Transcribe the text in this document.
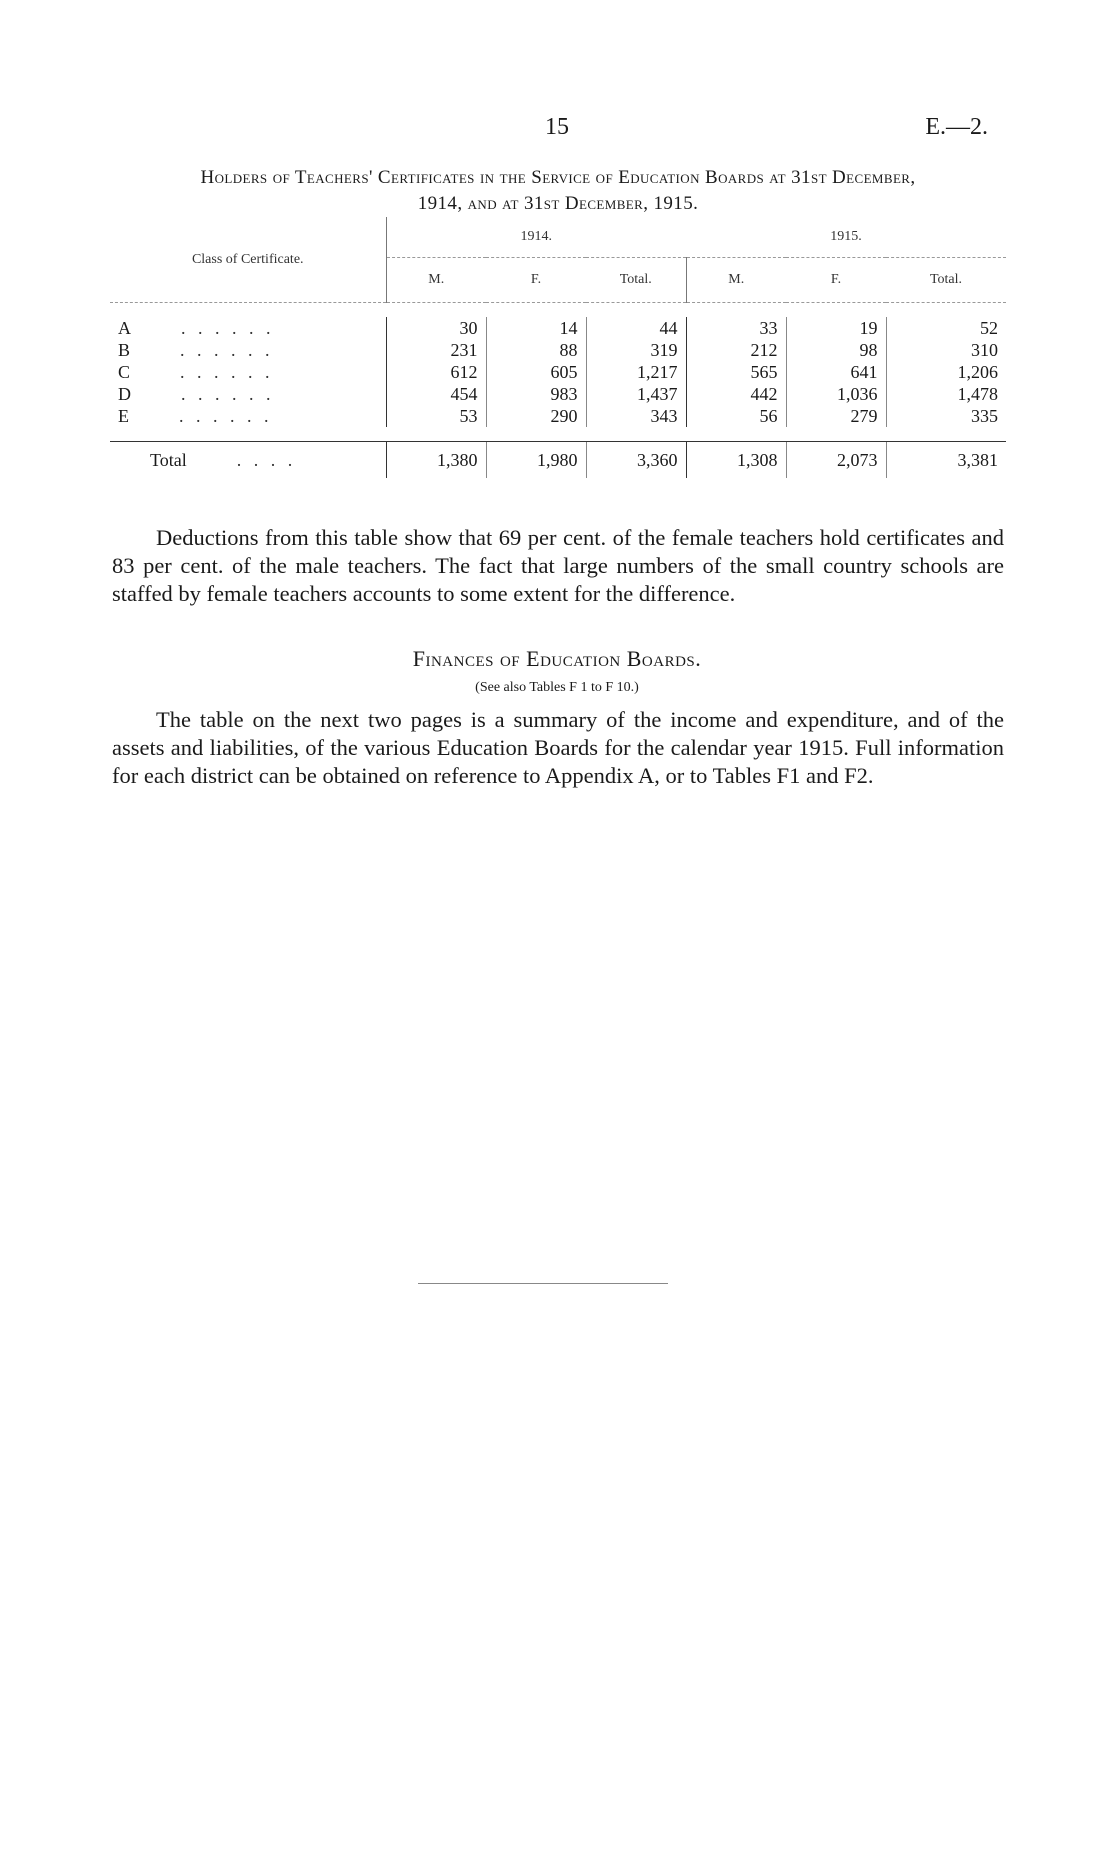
15	E.—2.
Holders of Teachers' Certificates in the Service of Education Boards at 31st December,
1914, and at 31st December, 1915.
Class of Certificate.	1914.			1915.		
	M.	F.	Total.	M.	F.	Total.

A . . . . . .	30	14	44	33	19	52
B . . . . . .	231	88	319	212	98	310
C . . . . . .	612	605	1,217	565	641	1,206
D . . . . . .	454	983	1,437	442	1,036	1,478
E . . . . . .	53	290	343	56	279	335

Total . . . .	1,380	1,980	3,360	1,308	2,073	3,381

Deductions from this table show that 69 per cent. of the female teachers hold certificates and 83 per cent. of the male teachers. The fact that large numbers of the small country schools are staffed by female teachers accounts to some extent for the difference.

Finances of Education Boards.
(See also Tables F 1 to F 10.)

The table on the next two pages is a summary of the income and expenditure, and of the assets and liabilities, of the various Education Boards for the calendar year 1915. Full information for each district can be obtained on reference to Appendix A, or to Tables F1 and F2.
